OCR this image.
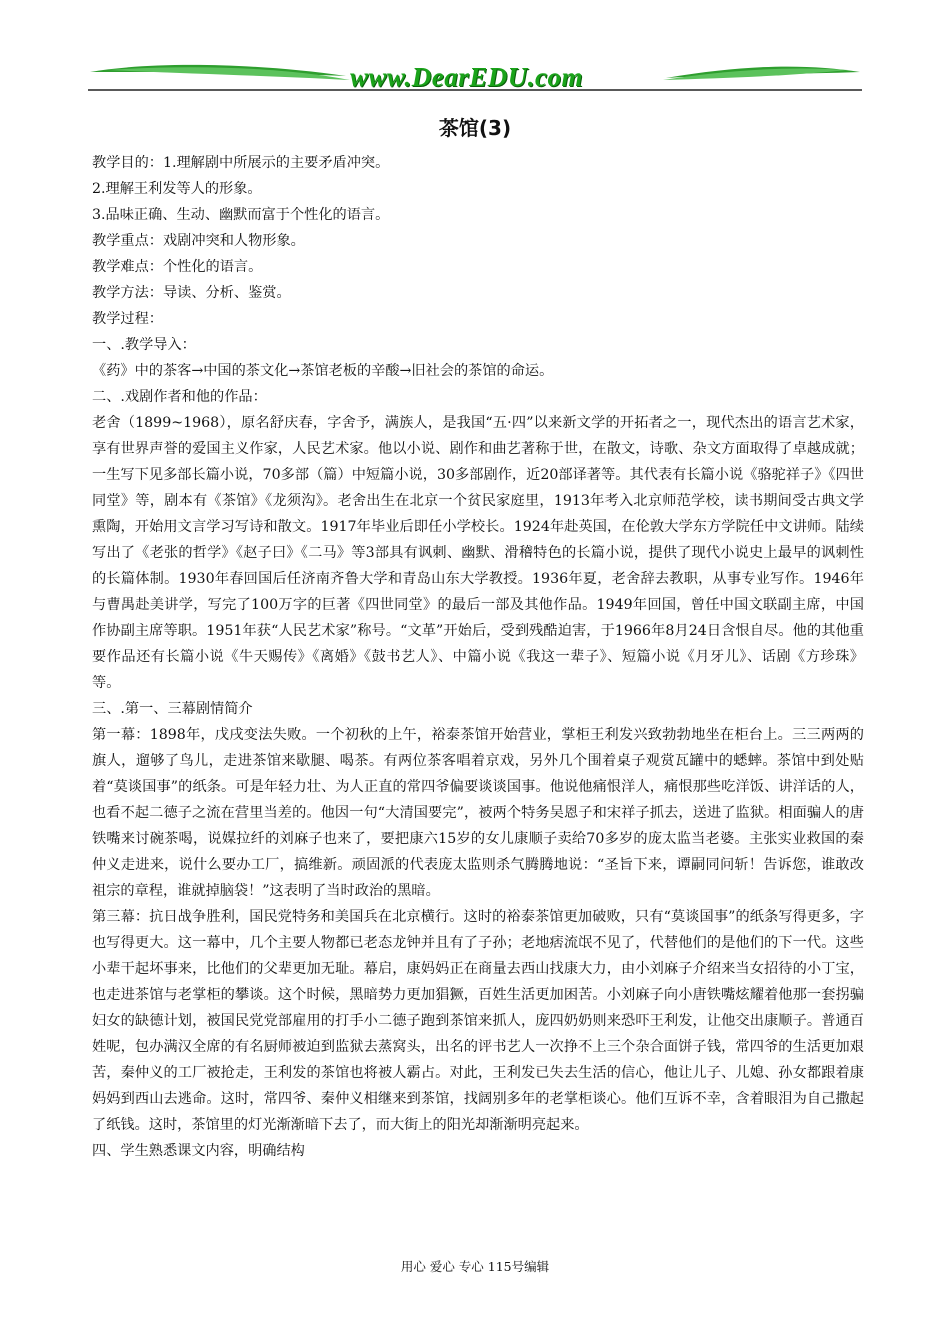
www.DearEDU.com
茶馆(3)

教学目的：1.理解剧中所展示的主要矛盾冲突。

2.理解王利发等人的形象。

3.品味正确、生动、幽默而富于个性化的语言。

教学重点：戏剧冲突和人物形象。

教学难点：个性化的语言。

教学方法：导读、分析、鉴赏。

教学过程：

一、.教学导入：

《药》中的茶客→中国的茶文化→茶馆老板的辛酸→旧社会的茶馆的命运。

二、.戏剧作者和他的作品：

老舍（1899~1968），原名舒庆春，字舍予，满族人，是我国“五·四”以来新文学的开拓者之一，现代杰出的语言艺术家，享有世界声誉的爱国主义作家，人民艺术家。他以小说、剧作和曲艺著称于世，在散文，诗歌、杂文方面取得了卓越成就；一生写下见多部长篇小说，70多部（篇）中短篇小说，30多部剧作，近20部译著等。其代表有长篇小说《骆驼祥子》《四世同堂》等，剧本有《茶馆》《龙须沟》。老舍出生在北京一个贫民家庭里，1913年考入北京师范学校，读书期间受古典文学熏陶，开始用文言学习写诗和散文。1917年毕业后即任小学校长。1924年赴英国，在伦敦大学东方学院任中文讲师。陆续写出了《老张的哲学》《赵子曰》《二马》等3部具有讽刺、幽默、滑稽特色的长篇小说，提供了现代小说史上最早的讽刺性的长篇体制。1930年春回国后任济南齐鲁大学和青岛山东大学教授。1936年夏，老舍辞去教职，从事专业写作。1946年与曹禺赴美讲学，写完了100万字的巨著《四世同堂》的最后一部及其他作品。1949年回国，曾任中国文联副主席，中国作协副主席等职。1951年获“人民艺术家”称号。“文革”开始后，受到残酷迫害，于1966年8月24日含恨自尽。他的其他重要作品还有长篇小说《牛天赐传》《离婚》《鼓书艺人》、中篇小说《我这一辈子》、短篇小说《月牙儿》、话剧《方珍珠》等。

三、.第一、三幕剧情简介

第一幕：1898年，戊戌变法失败。一个初秋的上午，裕泰茶馆开始营业，掌柜王利发兴致勃勃地坐在柜台上。三三两两的旗人，遛够了鸟儿，走进茶馆来歇腿、喝茶。有两位茶客唱着京戏，另外几个围着桌子观赏瓦罐中的蟋蟀。茶馆中到处贴着“莫谈国事”的纸条。可是年轻力壮、为人正直的常四爷偏要谈谈国事。他说他痛恨洋人，痛恨那些吃洋饭、讲洋话的人，也看不起二德子之流在营里当差的。他因一句“大清国要完”，被两个特务吴恩子和宋祥子抓去，送进了监狱。相面骗人的唐铁嘴来讨碗茶喝，说媒拉纤的刘麻子也来了，要把康六15岁的女儿康顺子卖给70多岁的庞太监当老婆。主张实业救国的秦仲义走进来，说什么要办工厂，搞维新。顽固派的代表庞太监则杀气腾腾地说：“圣旨下来，谭嗣同问斩！告诉您，谁敢改祖宗的章程，谁就掉脑袋！”这表明了当时政治的黑暗。

第三幕：抗日战争胜利，国民党特务和美国兵在北京横行。这时的裕泰茶馆更加破败，只有“莫谈国事”的纸条写得更多，字也写得更大。这一幕中，几个主要人物都已老态龙钟并且有了子孙；老地痞流氓不见了，代替他们的是他们的下一代。这些小辈干起坏事来，比他们的父辈更加无耻。幕启，康妈妈正在商量去西山找康大力，由小刘麻子介绍来当女招待的小丁宝，也走进茶馆与老掌柜的攀谈。这个时候，黑暗势力更加猖獗，百姓生活更加困苦。小刘麻子向小唐铁嘴炫耀着他那一套拐骗妇女的缺德计划，被国民党党部雇用的打手小二德子跑到茶馆来抓人，庞四奶奶则来恐吓王利发，让他交出康顺子。普通百姓呢，包办满汉全席的有名厨师被迫到监狱去蒸窝头，出名的评书艺人一次挣不上三个杂合面饼子钱，常四爷的生活更加艰苦，秦仲义的工厂被抢走，王利发的茶馆也将被人霸占。对此，王利发已失去生活的信心，他让儿子、儿媳、孙女都跟着康妈妈到西山去逃命。这时，常四爷、秦仲义相继来到茶馆，找阔别多年的老掌柜谈心。他们互诉不幸，含着眼泪为自己撒起了纸钱。这时，茶馆里的灯光渐渐暗下去了，而大街上的阳光却渐渐明亮起来。

四、学生熟悉课文内容，明确结构

用心 爱心 专心 115号编辑
